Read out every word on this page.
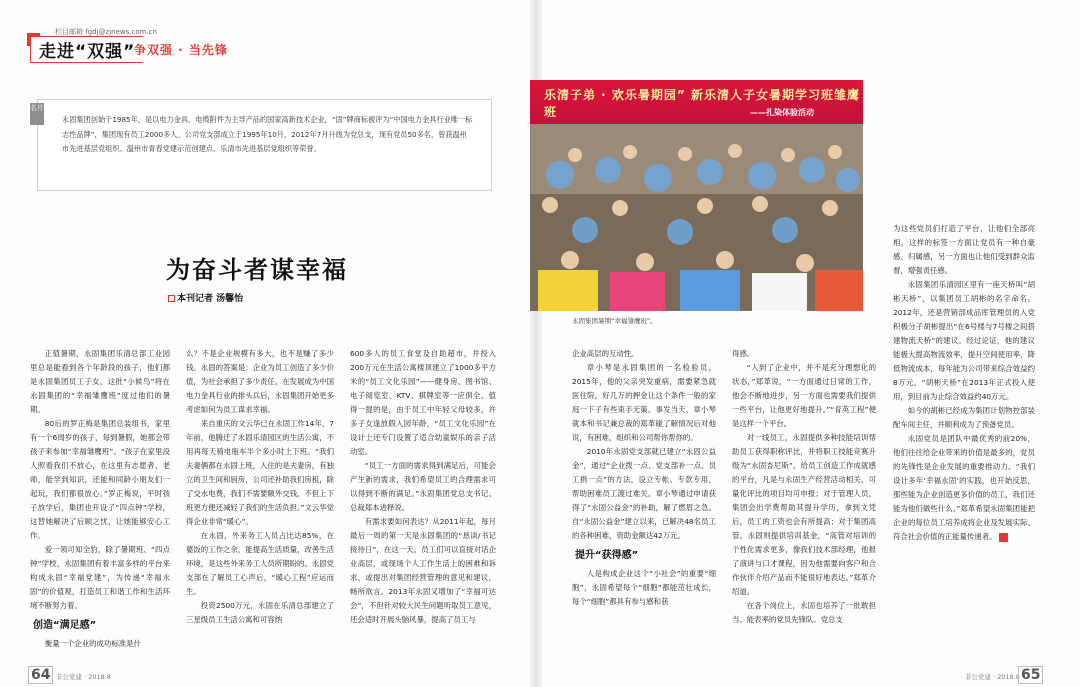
栏目邮箱 fgdj@zjnews.com.cn
走进“双强”
争双强 · 当先锋
名片
永固集团创始于1985年，是以电力金具、电缆附件为主导产品的国家高新技术企业，“固”牌商标被评为“中国电力金具行业唯一标志性品牌”，集团现有员工2000多人。公司党支部成立于1995年10月，2012年7月升级为党总支，现有党员50多名，曾获温州市先进基层党组织、温州市青春党建示范创建点、乐清市先进基层党组织等荣誉。
为奋斗者谋幸福
本刊记者 汤馨怡
乐清子弟 · 欢乐暑期园” 新乐清人子女暑期学习班雏鹰班	——扎染体验活动
永固集团暑期“幸福雏鹰班”。

正值暑期，永固集团乐清总部工业园里总是能看到各个年龄段的孩子，他们都是永固集团员工子女，这批“小候鸟”将在永固集团的“幸福雏鹰班”度过他们的暑期。

80后的罗正梅是集团总装组书，家里有一个6周岁的孩子，每到暑假，她都会带孩子来参加“幸福雏鹰班”。“孩子在家里没人照看我们不放心，在这里有志愿者、老师，能学到知识，还能和同龄小朋友们一起玩，我们都很放心。”罗正梅说，平时孩子放学后，集团也开设了“四点钟”学校，这替她解决了后顾之忧，让她能够安心工作。

爱一领可知全豹，除了暑期班、“四点钟”学校，永固集团有着丰富多样的平台来构成永固“幸福党建”，为传递“幸福永固”的价值观，打造员工和谐工作和生活环境不断努力着。

创造“满足感”

衡量一个企业的成功标准是什

么？不是企业规模有多大，也不是赚了多少钱。永固的答案是：企业为员工创造了多少价值，为社会承担了多少责任。在发展成为中国电力金具行业的排头兵后，永固集团开始更多考虑如何为员工谋求幸福。

来自重庆的文云华已在永固工作14年，7年前，他腾迁了永固乐清园区的生活公寓，不用再每天骑电瓶车半个多小时上下班。“我们夫妻俩都在永固上班，入住的是夫妻房，有独立的卫生间和厨房，公司还补助我们房租，除了交水电费，我们不需要额外交钱，不但上下班更方便还减轻了我们的生活负担。”文云华觉得企业非常“暖心”。

在永固，外来务工人员占比达85%，在婆饭的工作之余，能提高生活质量，改善生活环境，是这些外来务工人员所期盼的。永固党支部在了解员工心声后，“暖心工程”应运而生。

投资2500万元，永固在乐清总部建立了三星级员工生活公寓和可容纳

600多人的员工食堂及自助超市，并投入200万元在生活公寓楼顶建立了1000多平方米的“员工文化乐园”——健身房、图书馆、电子阅览室、KTV、棋牌室等一应俱全。值得一提的是，由于员工中年轻父母较多，许多子女逢放假入园年龄，“员工文化乐园”在设计上还专门设置了适合幼童娱乐的亲子活动室。

“员工一方面的需求得到满足后，可能会产生新的需求，我们希望员工的合理需求可以得到不断的满足。”永固集团党总支书记、总裁郑本进释说。

有需求要如何表达？从2011年起，每月最后一周的第一天是永固集团的“恳谈/书记接待日”，在这一天，员工们可以直接对话企业高层，或现场个人工作生活上的困难和诉求，或提出对集团经营管理的意见和建议，畅所欲言。2013年永固又增加了“幸福可达会”，不但针对较大民生问题听取员工意见，还会适时开展头脑风暴，提高了员工与

企业高层的互动性。

章小琴是永固集团的一名检验员，2015年，他的父亲突发重病，需要紧急就医住院，好几万的押金让这个条件一般的家庭一下子有些束手无策。事发当天，章小琴就本和书记兼总裁的郑革碰了解情况后对他说，有困难，组织和公司帮你帮你的。

2010年永固党支部就已建立“永固公益金”，通过“企业拨一点、党支部补一点、员工捐一点”的方法，设立专帐、专款专用，帮助困难员工渡过难关。章小琴通过申请获得了“永固公益金”的补助，解了燃眉之急。自“永固公益金”建立以来，已解决48名员工的各种困难，资助金额达42万元。

提升“获得感”

人是构成企业这个“小社会”的重要“细胞”，永固希望每个“细胞”都能茁壮成长，每个“细胞”都具有参与感和获

得感。

“人到了企业中，并不是充分理想化的状态，”郑革说，“一方面通过日常的工作，他会不断地进步，另一方面也需要我们提供一些平台，让他更好地提升。”“育英工程”便是这样一个平台。

对一线员工，永固提供多种技能培训帮助员工获得职称评比，并将职工技能竞赛升级为“永固杏尼斯”，给员工创造工作成就感的平台，凡是与永固生产经营活动相关，可量化评比的项目均可申报；对于管理人员，集团会出学费帮助其提升学历，拿到文凭后，员工的工资也会有所提高；对于集团高管，永固则提供培训基金，“高管对培训的个性化需求更多，像我们技术部经理，他报了演讲与口才课程，因为他需要向客户和合作伙伴介绍产品而不能很好地表达。”郑革介绍道。

在各个岗位上，永固也培养了一批敢担当、能表率的党员先锋队。党总支

为这些党员们打造了平台，让他们全部亮相，这样的标签一方面让党员有一种自豪感、归属感，另一方面也让他们受到群众监督，增强责任感。

永固集团乐清园区里有一座天桥叫“胡彬天桥”，以集团员工胡彬的名字命名。2012年，还是营销部成品库管理员的入党积极分子胡彬提出“在6号楼与7号楼之间搭建物流天桥”的建议。经过论证，他的建议能极大提高物流效率，提升空间使用率，降低物流成本，每年能为公司带来综合效益约8万元。“胡彬天桥”在2013年正式投入使用，到目前为止综合效益约40万元。

如今的胡彬已经成为集团计划物控部装配车间主任，并顺利成为了预备党员。

永固党员是团队中最优秀的前20%，他们往往给企业带来的价值是最多的，党员的先锋性是企业发展的重要推动力。“我们设计多年‘幸福永固’的实践，也开始反思，那些能为企业创造更多价值的员工，我们还能为他们做些什么。”郑革希望永固集团能把企业的每位员工培养成将企业及发展实际、符合社会价值的正能量传递者。

64 非公党建 · 2018.8	非公党建 · 2018.8 65
